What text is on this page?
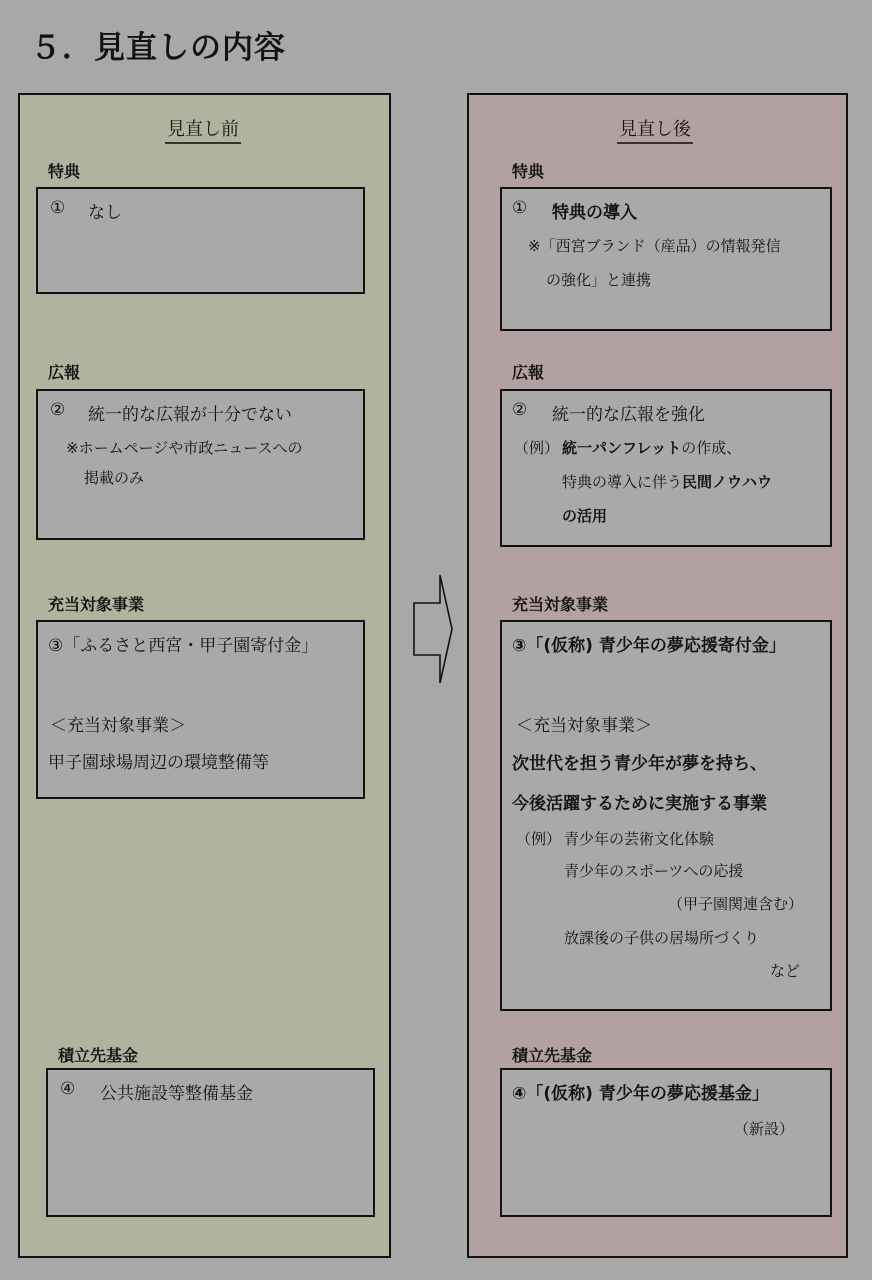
５．見直しの内容
見直し前
特典
① なし
広報
② 統一的な広報が十分でない
※ホームページや市政ニュースへの
掲載のみ
充当対象事業
③「ふるさと西宮・甲子園寄付金」
＜充当対象事業＞
甲子園球場周辺の環境整備等
積立先基金
④ 公共施設等整備基金
見直し後
特典
① 特典の導入
※「西宮ブランド（産品）の情報発信
の強化」と連携
広報
② 統一的な広報を強化
（例） 統一パンフレットの作成、
特典の導入に伴う民間ノウハウ
の活用
充当対象事業
③「(仮称) 青少年の夢応援寄付金」
＜充当対象事業＞
次世代を担う青少年が夢を持ち、
今後活躍するために実施する事業
（例） 青少年の芸術文化体験
青少年のスポーツへの応援
（甲子園関連含む）
放課後の子供の居場所づくり
など
積立先基金
④「(仮称) 青少年の夢応援基金」
（新設）
